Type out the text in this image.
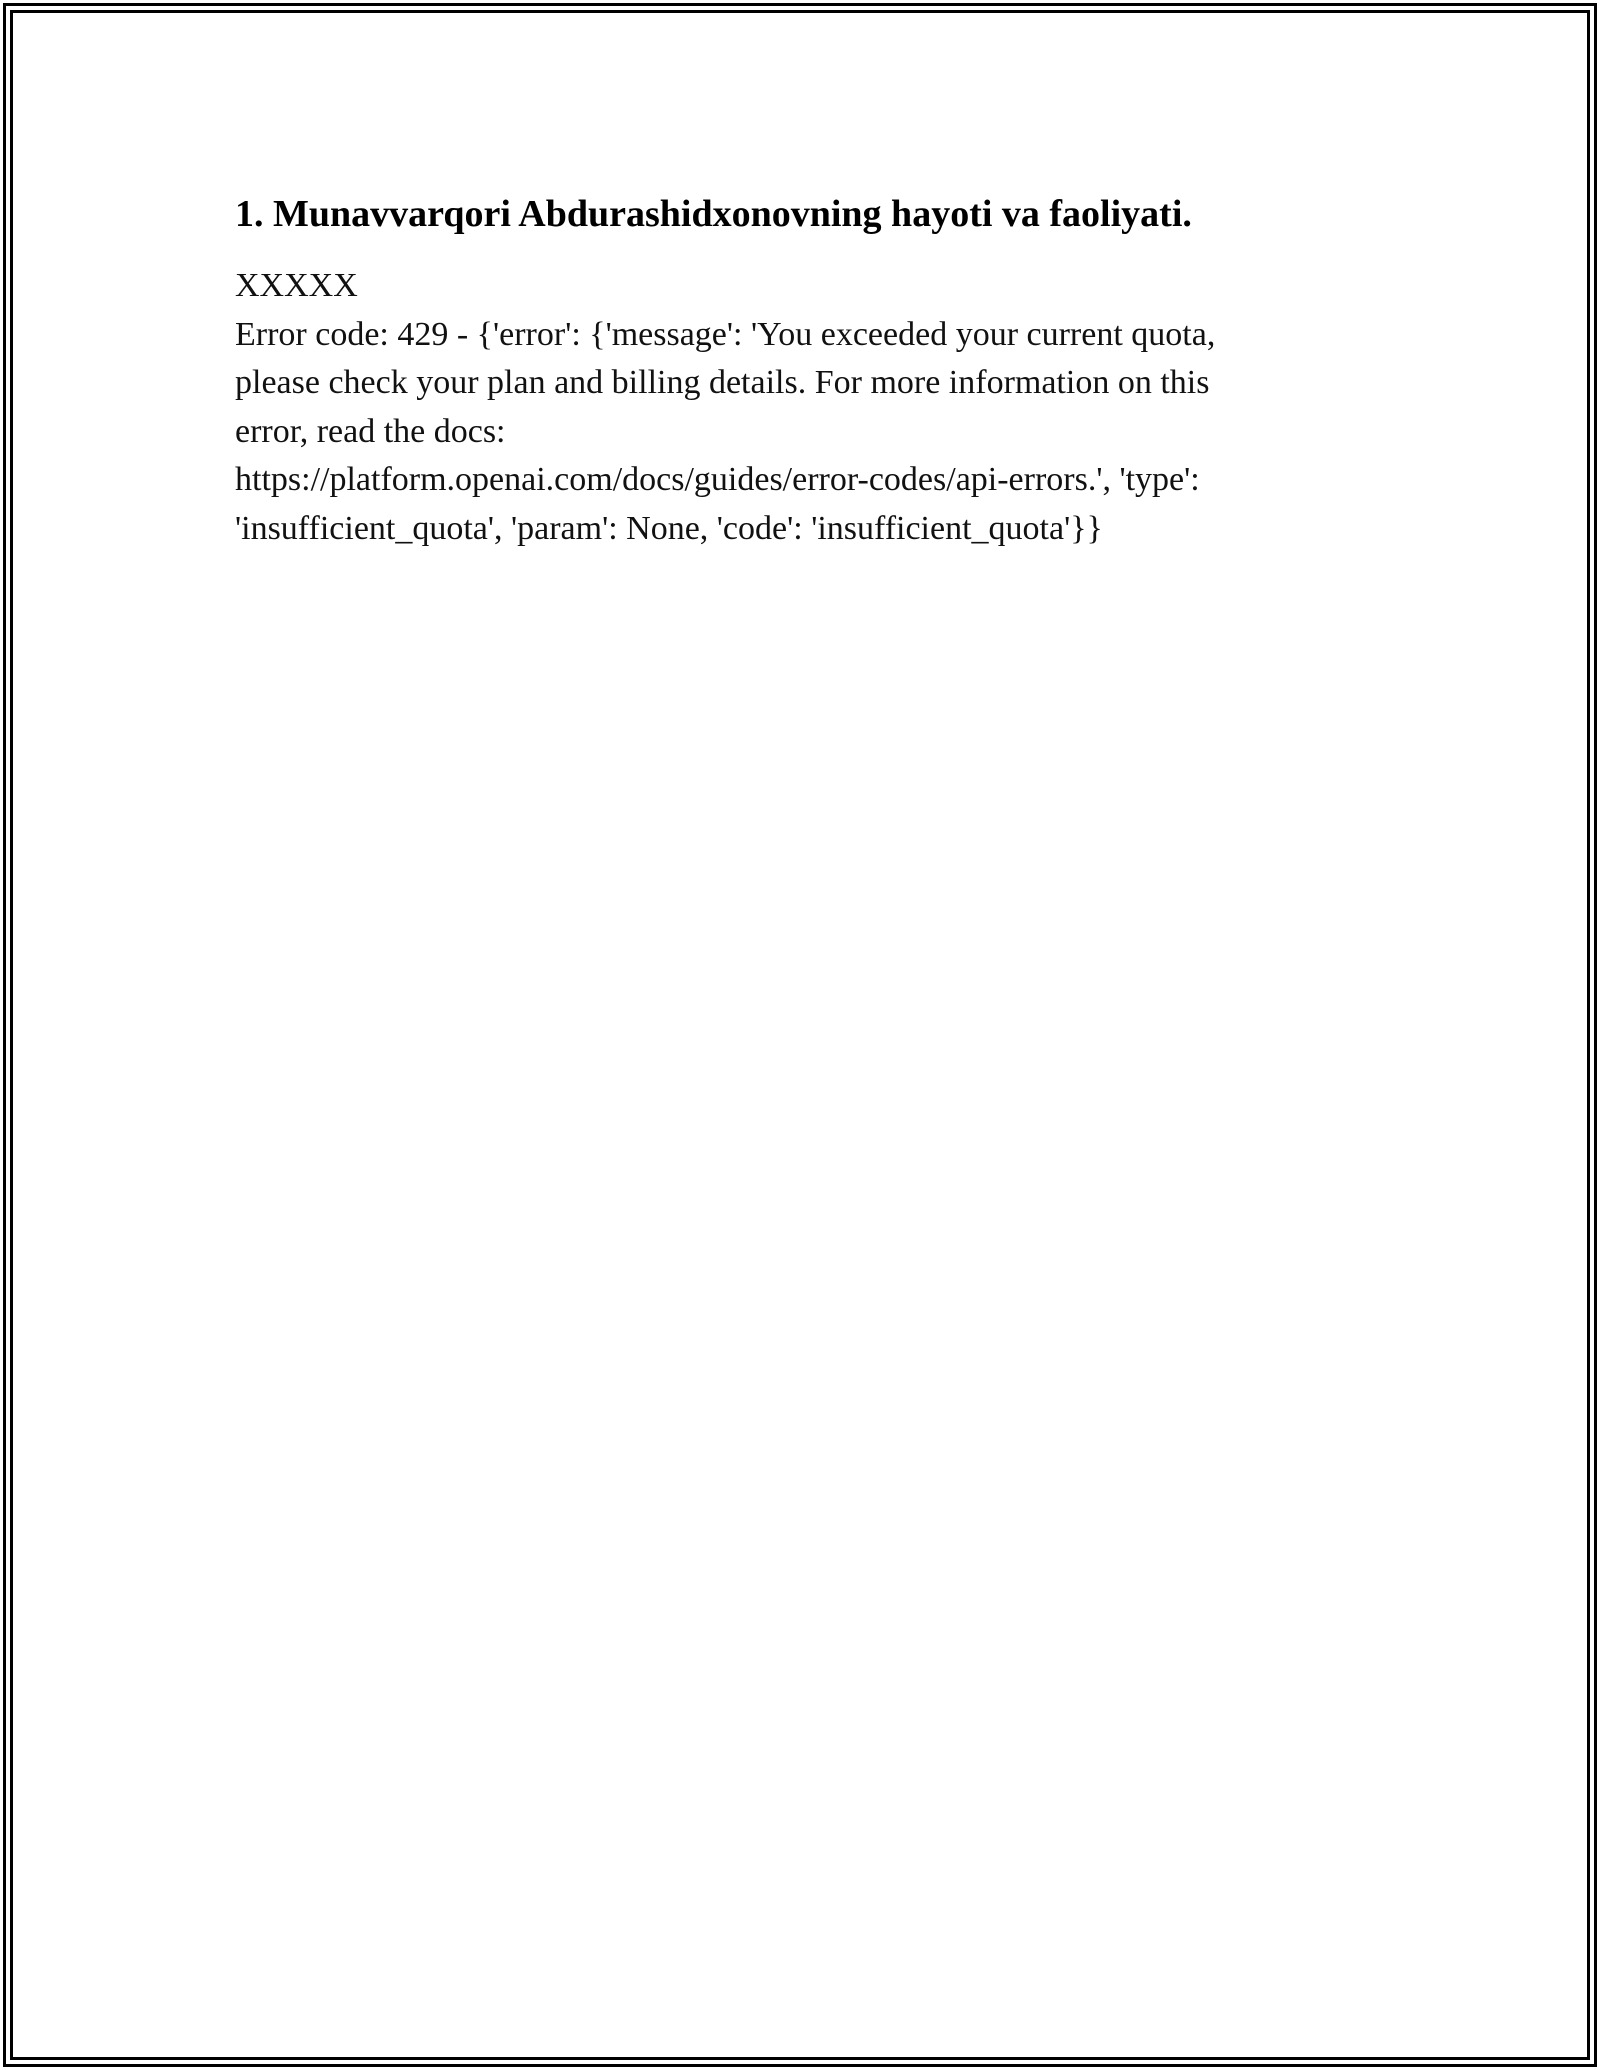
1. Munavvarqori Abdurashidxonovning hayoti va faoliyati.
XXXXX
Error code: 429 - {'error': {'message': 'You exceeded your current quota,
please check your plan and billing details. For more information on this
error, read the docs:
https://platform.openai.com/docs/guides/error-codes/api-errors.', 'type':
'insufficient_quota', 'param': None, 'code': 'insufficient_quota'}}
